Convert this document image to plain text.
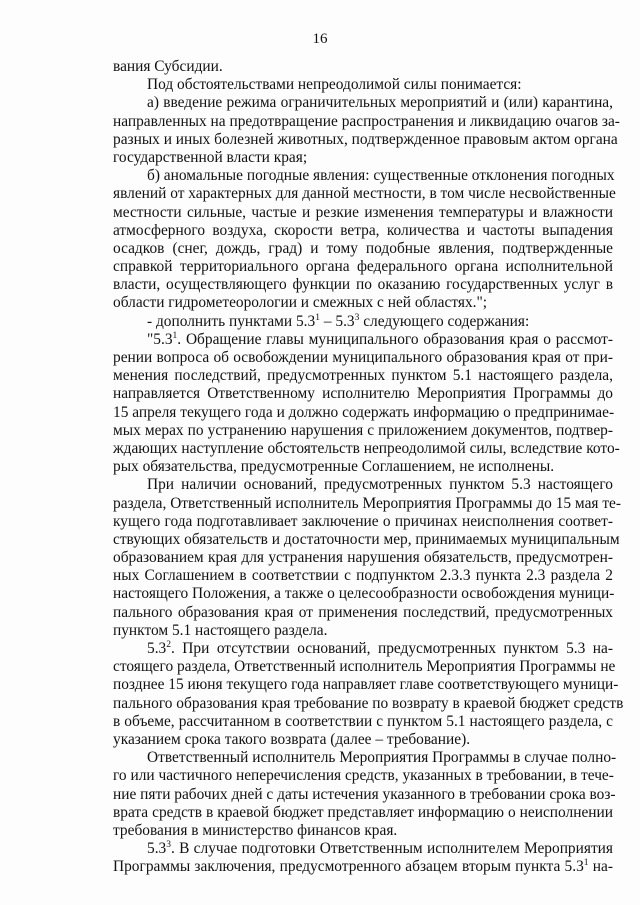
16
вания Субсидии.
Под обстоятельствами непреодолимой силы понимается:
а) введение режима ограничительных мероприятий и (или) карантина,
направленных на предотвращение распространения и ликвидацию очагов за-
разных и иных болезней животных, подтвержденное правовым актом органа
государственной власти края;
б) аномальные погодные явления: существенные отклонения погодных
явлений от характерных для данной местности, в том числе несвойственные
местности сильные, частые и резкие изменения температуры и влажности
атмосферного воздуха, скорости ветра, количества и частоты выпадения
осадков (снег, дождь, град) и тому подобные явления, подтвержденные
справкой территориального органа федерального органа исполнительной
власти, осуществляющего функции по оказанию государственных услуг в
области гидрометеорологии и смежных с ней областях.";
- дополнить пунктами $5.3^1 - 5.3^3$ следующего содержания:
"$5.3^1$. Обращение главы муниципального образования края о рассмот-
рении вопроса об освобождении муниципального образования края от при-
менения последствий, предусмотренных пунктом 5.1 настоящего раздела,
направляется Ответственному исполнителю Мероприятия Программы до
15 апреля текущего года и должно содержать информацию о предпринимае-
мых мерах по устранению нарушения с приложением документов, подтвер-
ждающих наступление обстоятельств непреодолимой силы, вследствие кото-
рых обязательства, предусмотренные Соглашением, не исполнены.
При наличии оснований, предусмотренных пунктом 5.3 настоящего
раздела, Ответственный исполнитель Мероприятия Программы до 15 мая те-
кущего года подготавливает заключение о причинах неисполнения соответ-
ствующих обязательств и достаточности мер, принимаемых муниципальным
образованием края для устранения нарушения обязательств, предусмотрен-
ных Соглашением в соответствии с подпунктом 2.3.3 пункта 2.3 раздела 2
настоящего Положения, а также о целесообразности освобождения муници-
пального образования края от применения последствий, предусмотренных
пунктом 5.1 настоящего раздела.
$5.3^2$. При отсутствии оснований, предусмотренных пунктом 5.3 на-
стоящего раздела, Ответственный исполнитель Мероприятия Программы не
позднее 15 июня текущего года направляет главе соответствующего муници-
пального образования края требование по возврату в краевой бюджет средств
в объеме, рассчитанном в соответствии с пунктом 5.1 настоящего раздела, с
указанием срока такого возврата (далее – требование).
Ответственный исполнитель Мероприятия Программы в случае полно-
го или частичного неперечисления средств, указанных в требовании, в тече-
ние пяти рабочих дней с даты истечения указанного в требовании срока воз-
врата средств в краевой бюджет представляет информацию о неисполнении
требования в министерство финансов края.
$5.3^3$. В случае подготовки Ответственным исполнителем Мероприятия
Программы заключения, предусмотренного абзацем вторым пункта $5.3^1$ на-
